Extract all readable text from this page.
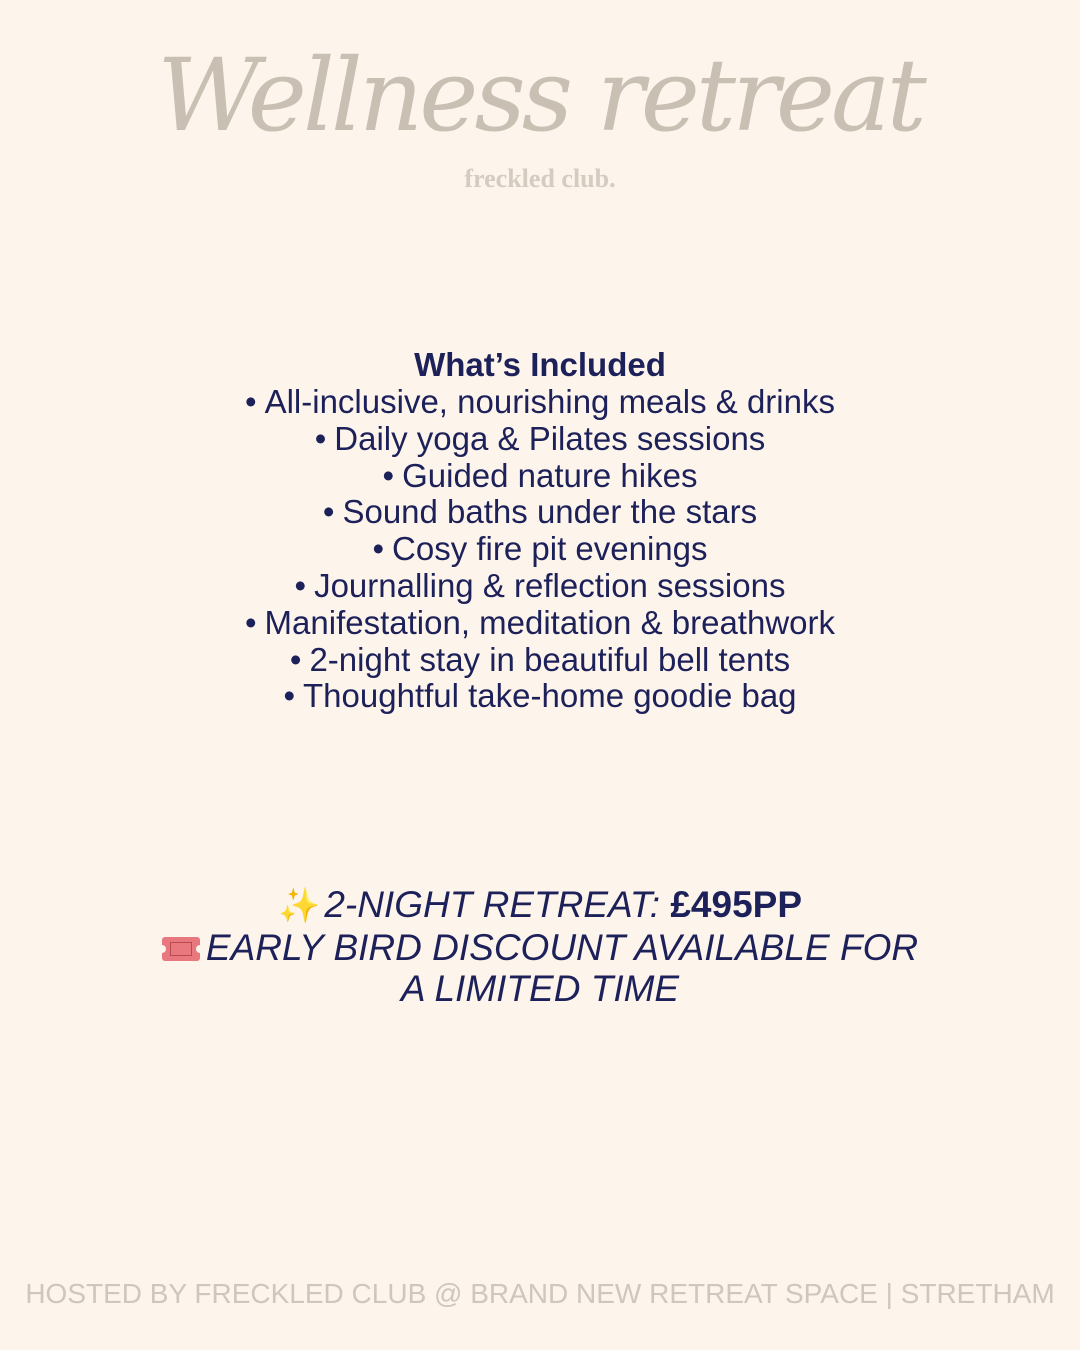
Wellness retreat
freckled club.
What’s Included
• All-inclusive, nourishing meals & drinks
• Daily yoga & Pilates sessions
• Guided nature hikes
• Sound baths under the stars
• Cosy fire pit evenings
• Journalling & reflection sessions
• Manifestation, meditation & breathwork
• 2-night stay in beautiful bell tents
• Thoughtful take-home goodie bag
✨ 2-NIGHT RETREAT: £495PP
EARLY BIRD DISCOUNT AVAILABLE FOR
A LIMITED TIME
HOSTED BY FRECKLED CLUB @ BRAND NEW RETREAT SPACE | STRETHAM
